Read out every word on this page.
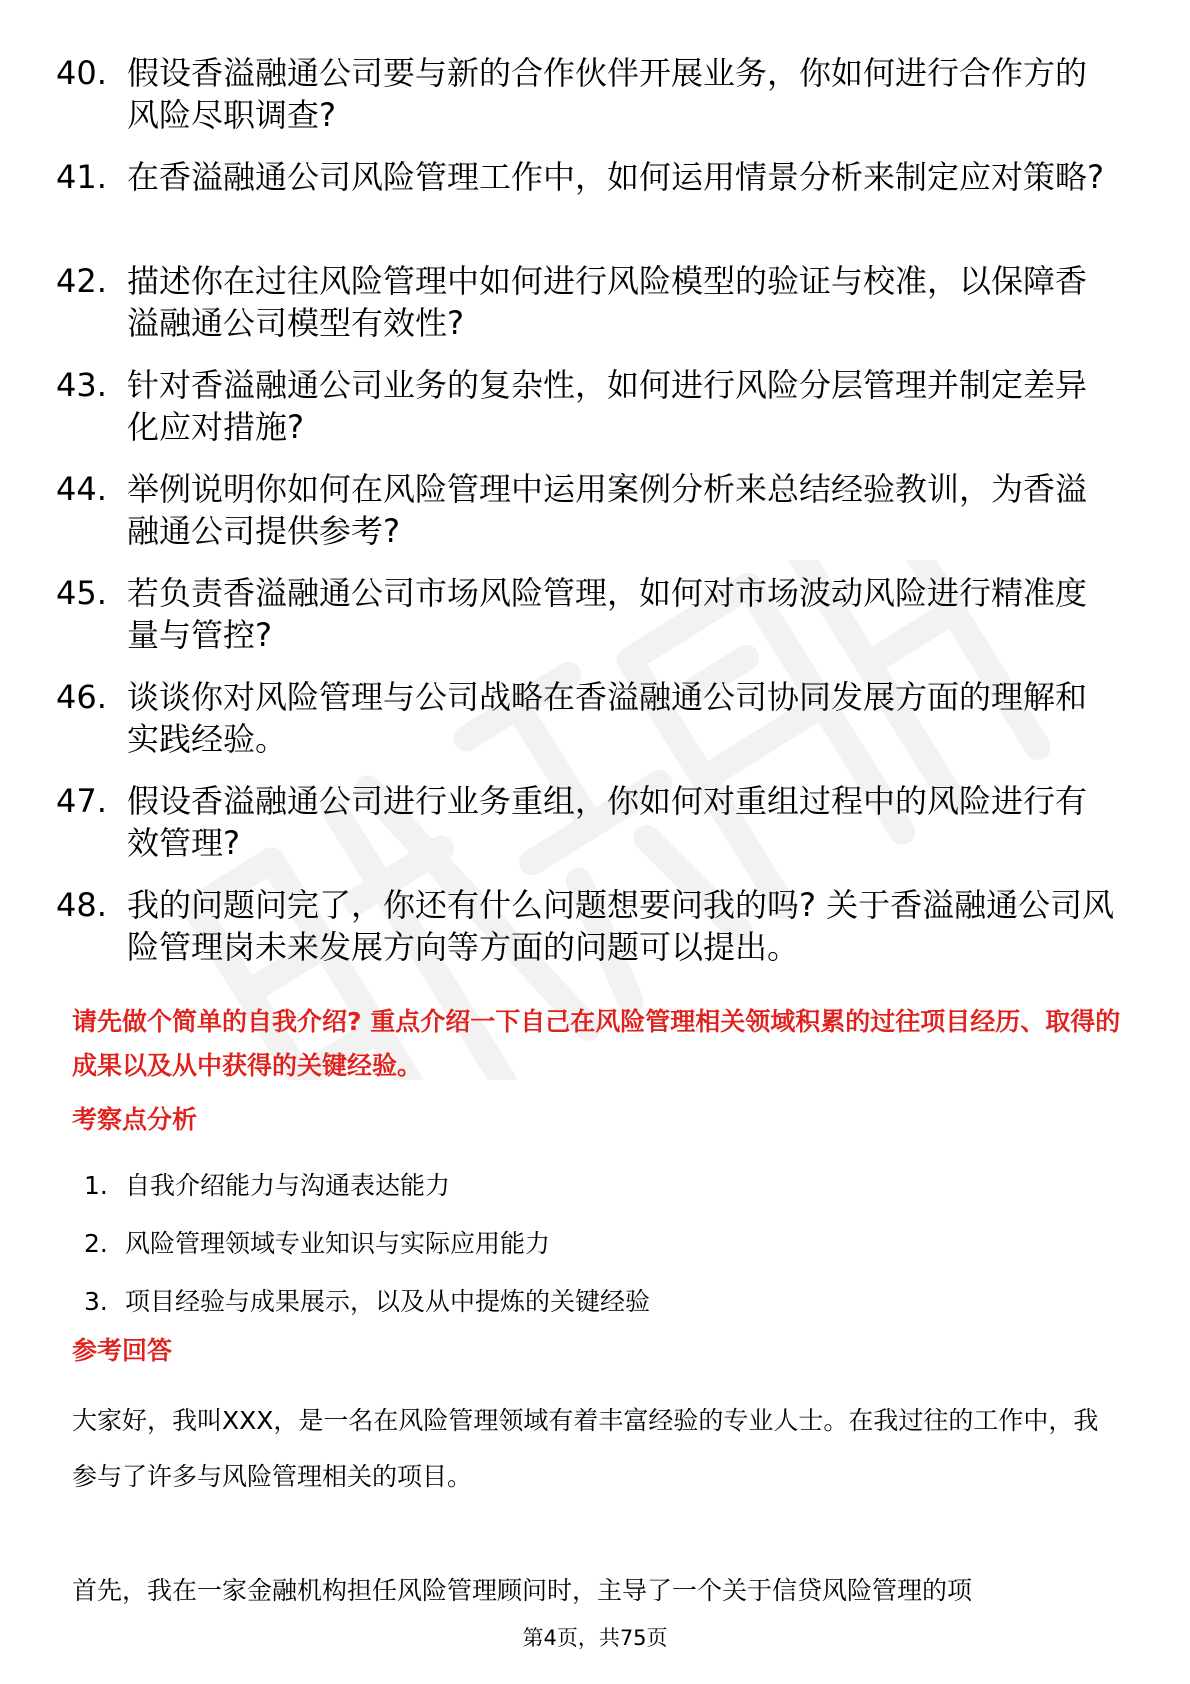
40. 假设香溢融通公司要与新的合作伙伴开展业务，你如何进行合作方的风险尽职调查?
41. 在香溢融通公司风险管理工作中，如何运用情景分析来制定应对策略?
42. 描述你在过往风险管理中如何进行风险模型的验证与校准，以保障香溢融通公司模型有效性?
43. 针对香溢融通公司业务的复杂性，如何进行风险分层管理并制定差异化应对措施?
44. 举例说明你如何在风险管理中运用案例分析来总结经验教训，为香溢融通公司提供参考?
45. 若负责香溢融通公司市场风险管理，如何对市场波动风险进行精准度量与管控?
46. 谈谈你对风险管理与公司战略在香溢融通公司协同发展方面的理解和实践经验。
47. 假设香溢融通公司进行业务重组，你如何对重组过程中的风险进行有效管理?
48. 我的问题问完了，你还有什么问题想要问我的吗? 关于香溢融通公司风险管理岗未来发展方向等方面的问题可以提出。
请先做个简单的自我介绍? 重点介绍一下自己在风险管理相关领域积累的过往项目经历、取得的成果以及从中获得的关键经验。
考察点分析
1. 自我介绍能力与沟通表达能力
2. 风险管理领域专业知识与实际应用能力
3. 项目经验与成果展示，以及从中提炼的关键经验
参考回答
大家好，我叫XXX，是一名在风险管理领域有着丰富经验的专业人士。在我过往的工作中，我参与了许多与风险管理相关的项目。
首先，我在一家金融机构担任风险管理顾问时，主导了一个关于信贷风险管理的项
第4页，共75页
